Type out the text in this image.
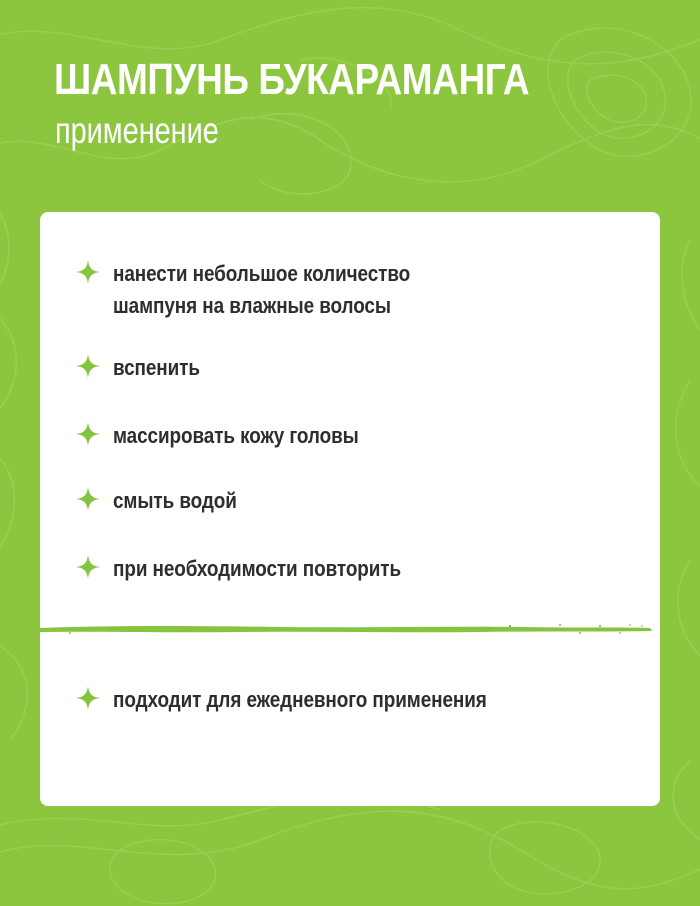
ШАМПУНЬ БУКАРАМАНГА
применение
нанести небольшое количество
шампуня на влажные волосы
вспенить
массировать кожу головы
смыть водой
при необходимости повторить
подходит для ежедневного применения
